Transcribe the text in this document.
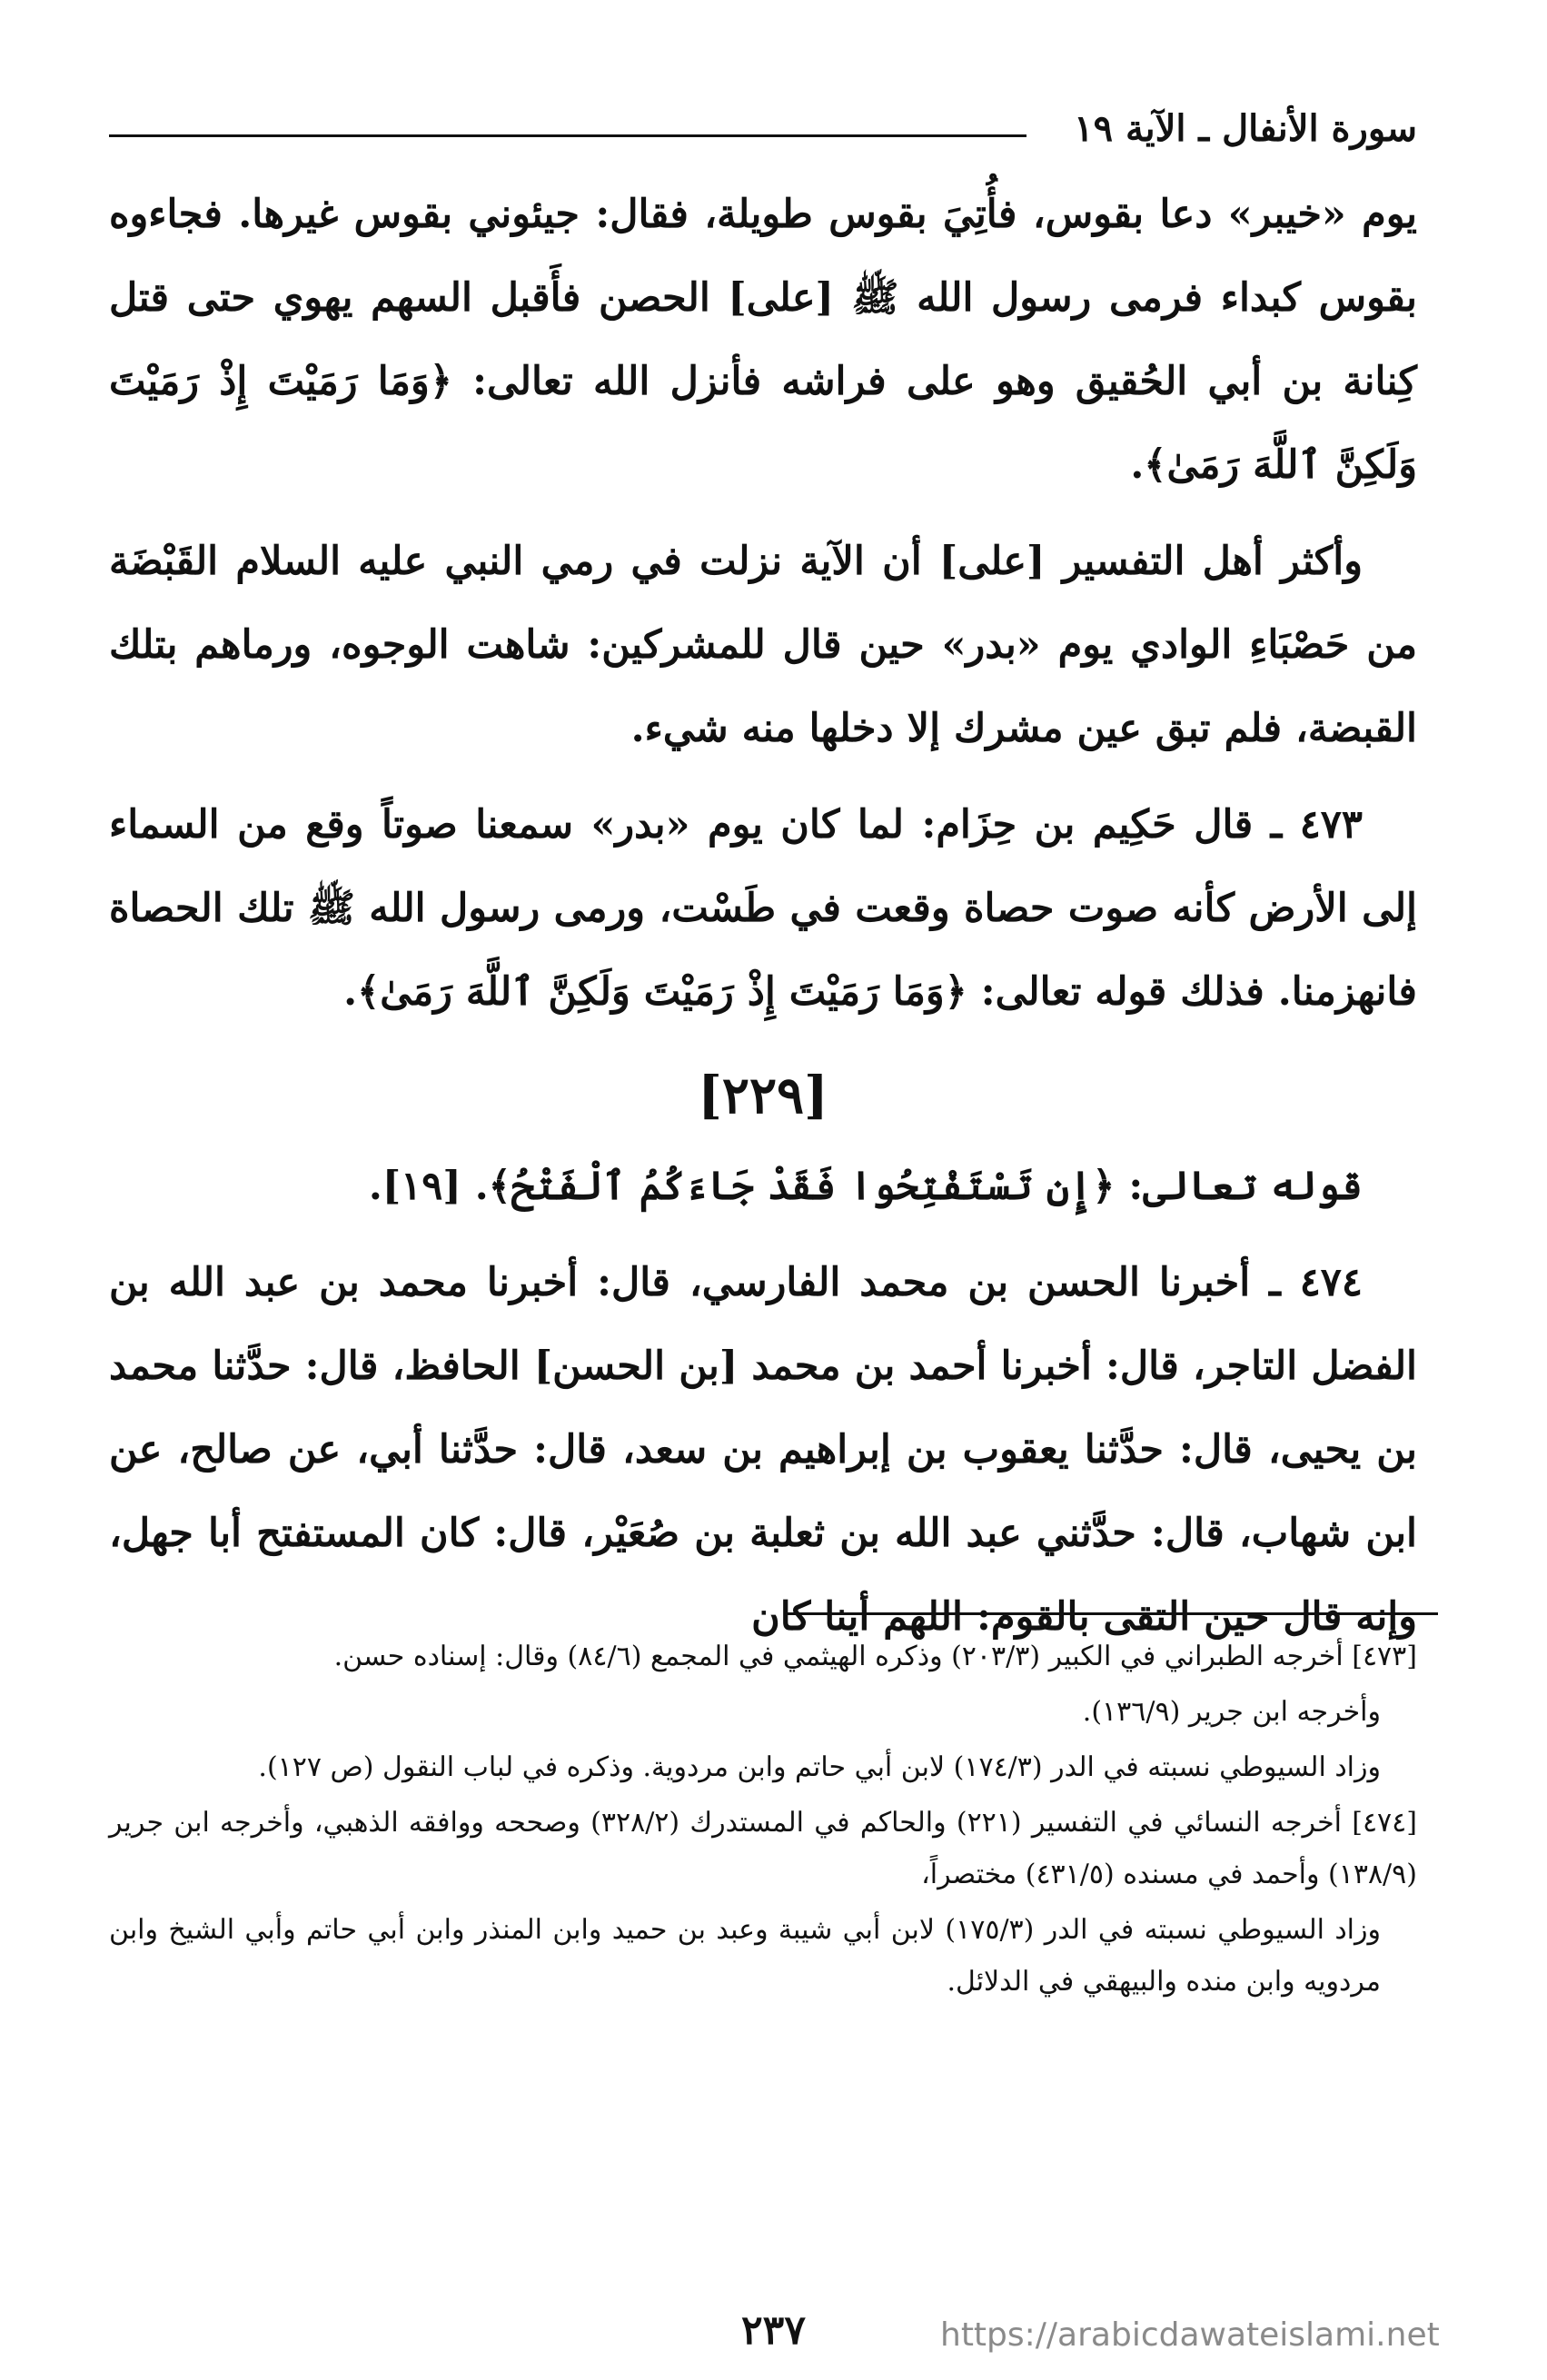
سورة الأنفال ـ الآية ١٩

يوم «خيبر» دعا بقوس، فأُتِيَ بقوس طويلة، فقال: جيئوني بقوس غيرها. فجاءوه بقوس كبداء فرمى رسول الله ﷺ [على] الحصن فأَقبل السهم يهوي حتى قتل كِنانة بن أبي الحُقيق وهو على فراشه فأنزل الله تعالى: ﴿وَمَا رَمَيْتَ إِذْ رَمَيْتَ وَلَكِنَّ ٱللَّهَ رَمَىٰ﴾.

وأكثر أهل التفسير [على] أن الآية نزلت في رمي النبي عليه السلام القَبْضَة من حَصْبَاءِ الوادي يوم «بدر» حين قال للمشركين: شاهت الوجوه، ورماهم بتلك القبضة، فلم تبق عين مشرك إلا دخلها منه شيء.

٤٧٣ ـ قال حَكِيم بن حِزَام: لما كان يوم «بدر» سمعنا صوتاً وقع من السماء إلى الأرض كأنه صوت حصاة وقعت في طَسْت، ورمى رسول الله ﷺ تلك الحصاة فانهزمنا. فذلك قوله تعالى: ﴿وَمَا رَمَيْتَ إِذْ رَمَيْتَ وَلَكِنَّ ٱللَّهَ رَمَىٰ﴾.

[٢٢٩]

قوله تعالى: ﴿إِن تَسْتَفْتِحُوا فَقَدْ جَاءَكُمُ ٱلْفَتْحُ﴾. [١٩].

٤٧٤ ـ أخبرنا الحسن بن محمد الفارسي، قال: أخبرنا محمد بن عبد الله بن الفضل التاجر، قال: أخبرنا أحمد بن محمد [بن الحسن] الحافظ، قال: حدَّثنا محمد بن يحيى، قال: حدَّثنا يعقوب بن إبراهيم بن سعد، قال: حدَّثنا أبي، عن صالح، عن ابن شهاب، قال: حدَّثني عبد الله بن ثعلبة بن صُعَيْر، قال: كان المستفتح أبا جهل، وإنه قال حين التقى بالقوم: اللهم أينا كان

[٤٧٣] أخرجه الطبراني في الكبير (٢٠٣/٣) وذكره الهيثمي في المجمع (٨٤/٦) وقال: إسناده حسن.

وأخرجه ابن جرير (١٣٦/٩).

وزاد السيوطي نسبته في الدر (١٧٤/٣) لابن أبي حاتم وابن مردوية. وذكره في لباب النقول (ص ١٢٧).

[٤٧٤] أخرجه النسائي في التفسير (٢٢١) والحاكم في المستدرك (٣٢٨/٢) وصححه ووافقه الذهبي، وأخرجه ابن جرير (١٣٨/٩) وأحمد في مسنده (٤٣١/٥) مختصراً،

وزاد السيوطي نسبته في الدر (١٧٥/٣) لابن أبي شيبة وعبد بن حميد وابن المنذر وابن أبي حاتم وأبي الشيخ وابن مردويه وابن منده والبيهقي في الدلائل.

٢٣٧	https://arabicdawateislami.net
